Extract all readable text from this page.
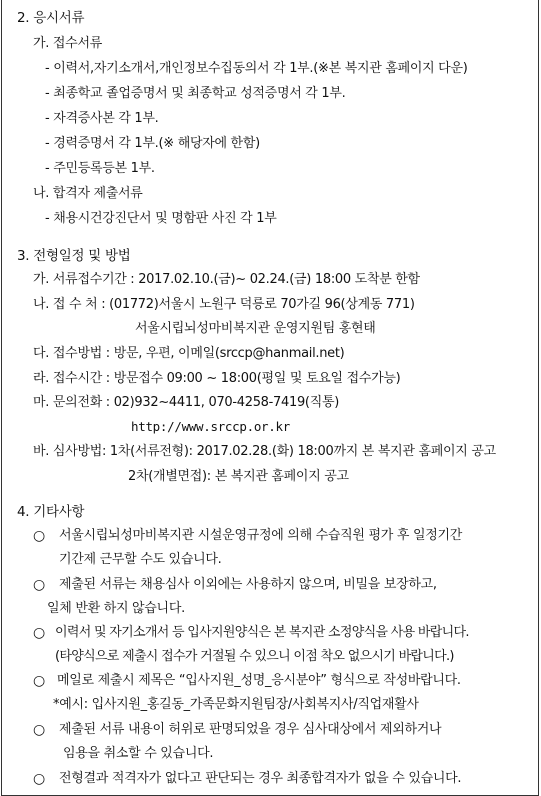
2. 응시서류
가. 접수서류
- 이력서,자기소개서,개인정보수집동의서 각 1부.(※본 복지관 홈페이지 다운)
- 최종학교 졸업증명서 및 최종학교 성적증명서 각 1부.
- 자격증사본 각 1부.
- 경력증명서 각 1부.(※ 해당자에 한함)
- 주민등록등본 1부.
나. 합격자 제출서류
- 채용시건강진단서 및 명함판 사진 각 1부
3. 전형일정 및 방법
가. 서류접수기간 : 2017.02.10.(금)~ 02.24.(금) 18:00 도착분 한함
나. 접 수 처 : (01772)서울시 노원구 덕릉로 70가길 96(상계동 771)
서울시립뇌성마비복지관 운영지원팀 홍현태
다. 접수방법 : 방문, 우편, 이메일(srccp@hanmail.net)
라. 접수시간 : 방문접수 09:00 ~ 18:00(평일 및 토요일 접수가능)
마. 문의전화 : 02)932~4411, 070-4258-7419(직통)
http://www.srccp.or.kr
바. 심사방법: 1차(서류전형): 2017.02.28.(화) 18:00까지 본 복지관 홈페이지 공고
2차(개별면접): 본 복지관 홈페이지 공고
4. 기타사항
○ 서울시립뇌성마비복지관 시설운영규정에 의해 수습직원 평가 후 일정기간
기간제 근무할 수도 있습니다.
○ 제출된 서류는 채용심사 이외에는 사용하지 않으며, 비밀을 보장하고,
일체 반환 하지 않습니다.
○ 이력서 및 자기소개서 등 입사지원양식은 본 복지관 소정양식을 사용 바랍니다.
(타양식으로 제출시 접수가 거절될 수 있으니 이점 착오 없으시기 바랍니다.)
○ 메일로 제출시 제목은 “입사지원_성명_응시분야” 형식으로 작성바랍니다.
*예시: 입사지원_홍길동_가족문화지원팀장/사회복지사/직업재활사
○ 제출된 서류 내용이 허위로 판명되었을 경우 심사대상에서 제외하거나
임용을 취소할 수 있습니다.
○ 전형결과 적격자가 없다고 판단되는 경우 최종합격자가 없을 수 있습니다.
